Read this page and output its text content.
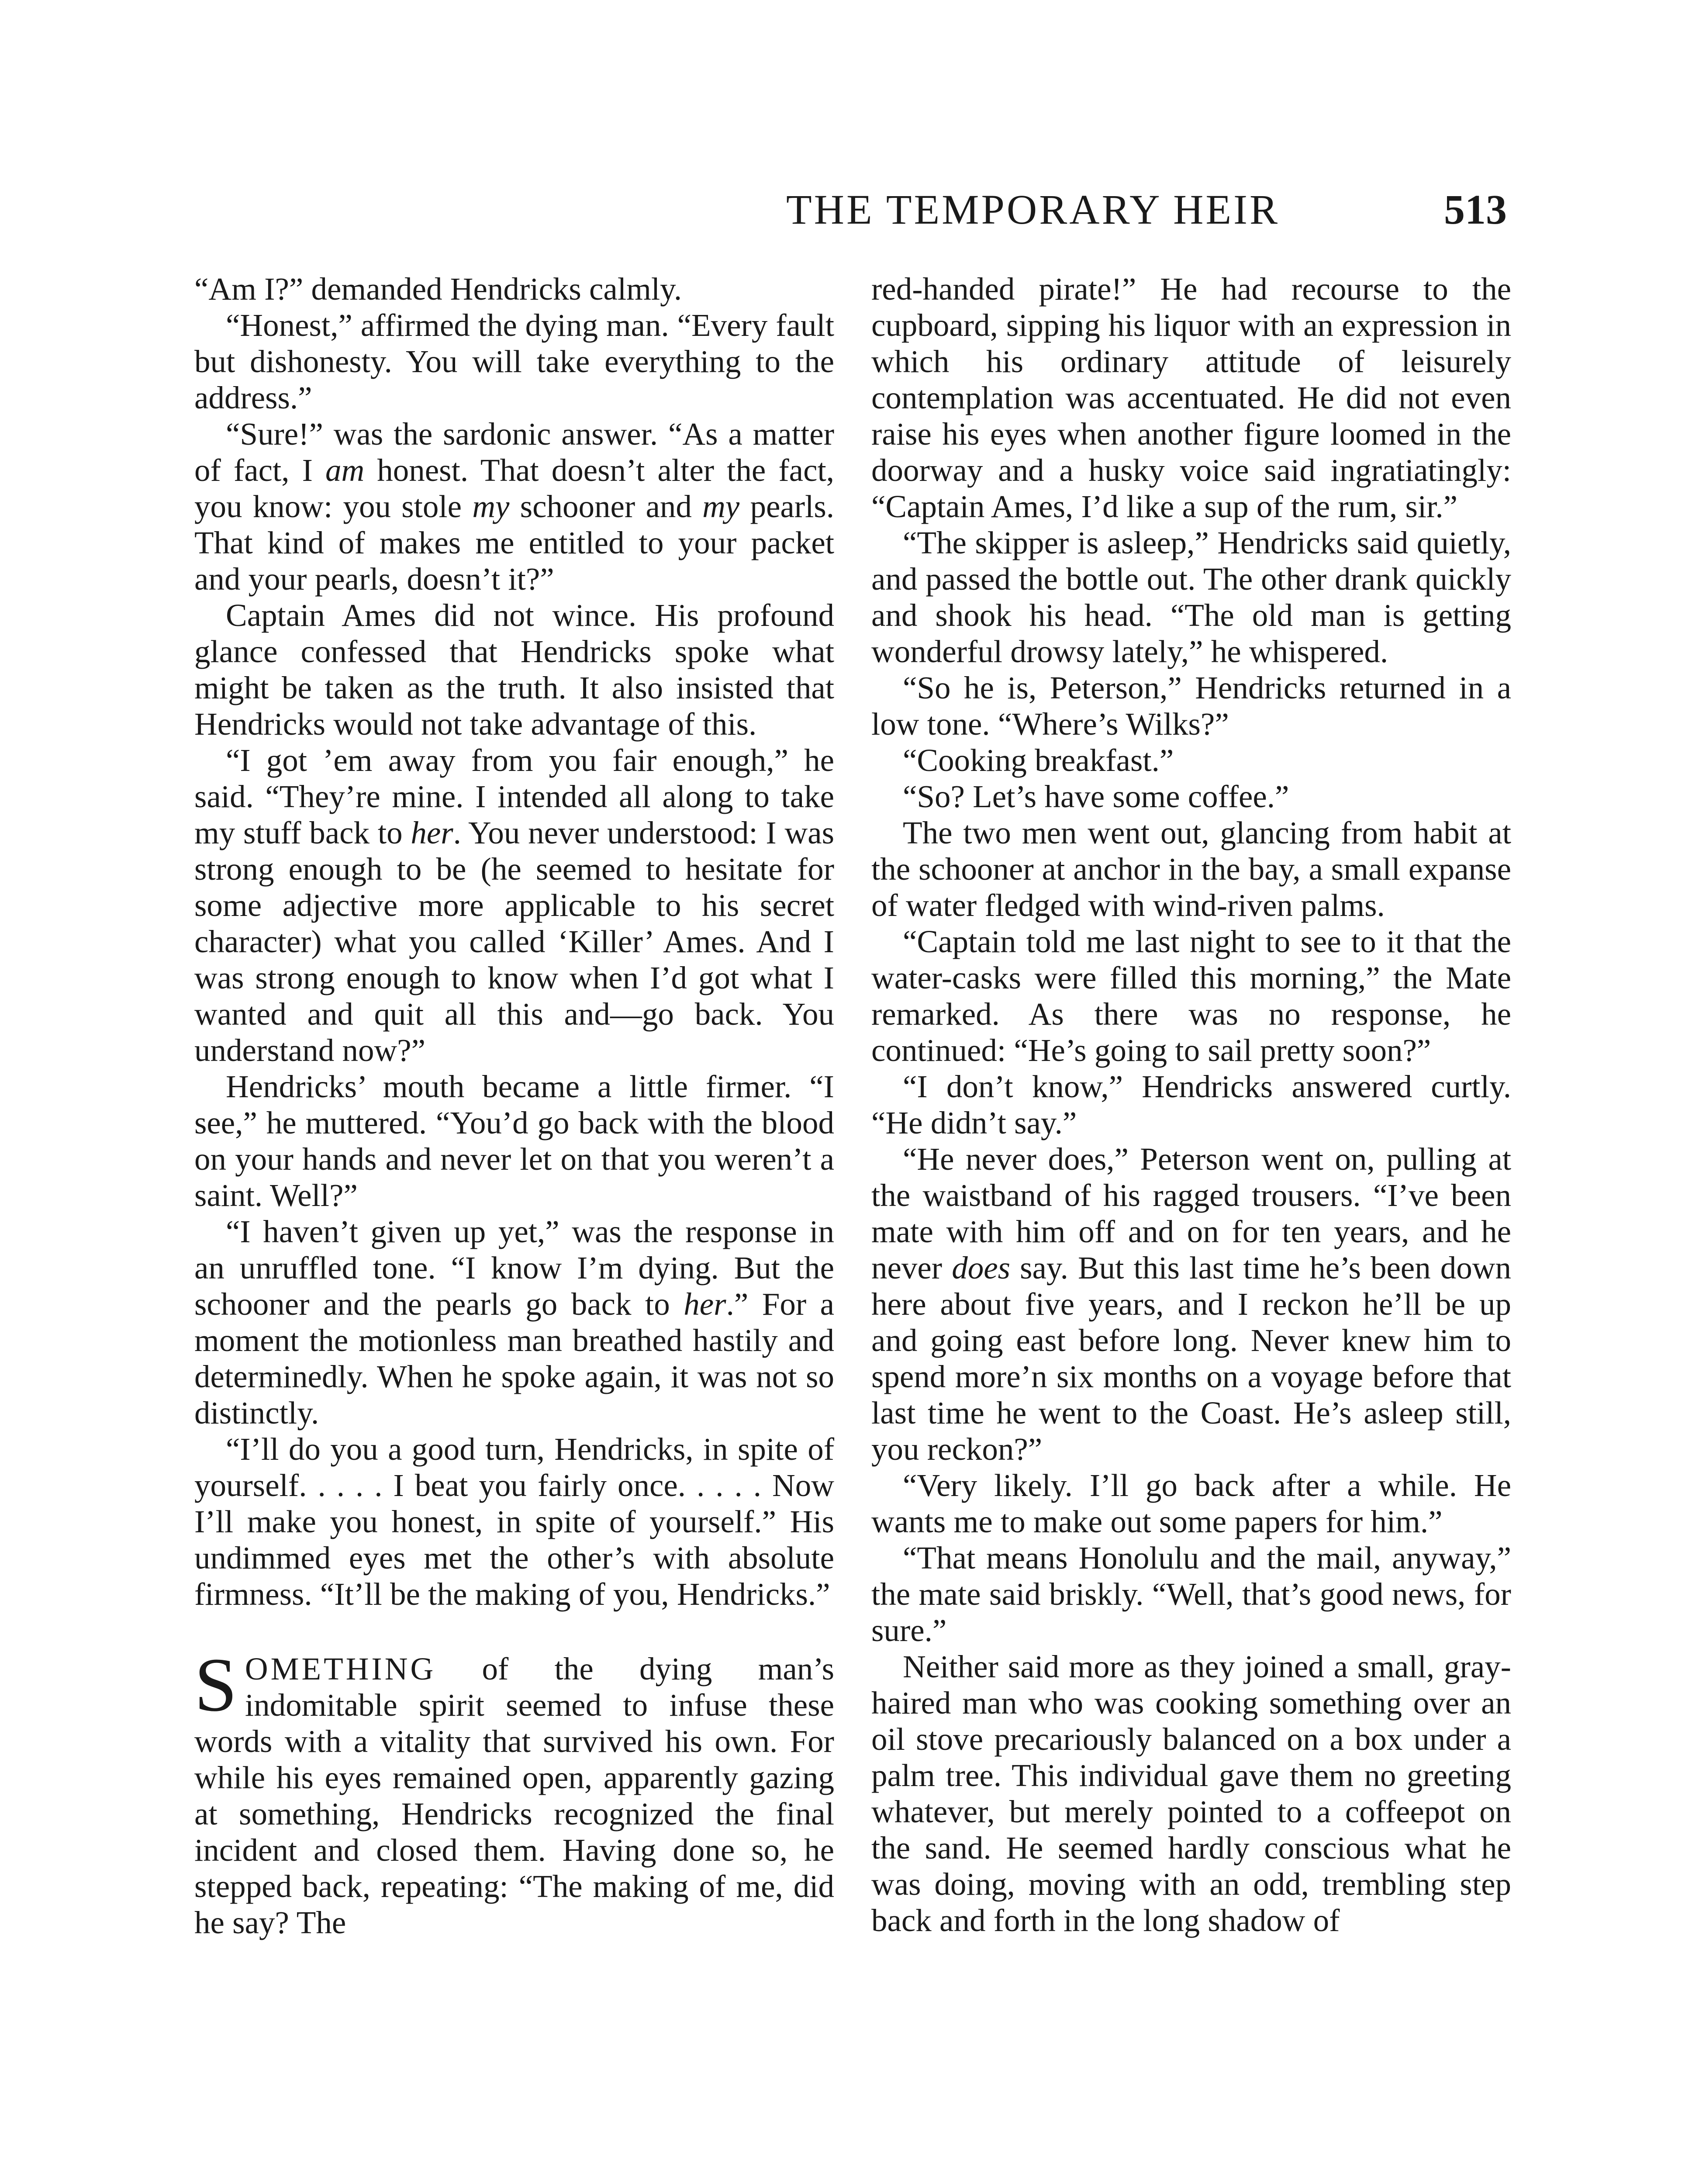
THE TEMPORARY HEIR	513

“Am I?” demanded Hendricks calmly.

“Honest,” affirmed the dying man. “Every fault but dishonesty. You will take everything to the address.”

“Sure!” was the sardonic answer. “As a matter of fact, I am honest. That doesn’t alter the fact, you know: you stole my schooner and my pearls. That kind of makes me entitled to your packet and your pearls, doesn’t it?”

Captain Ames did not wince. His profound glance confessed that Hendricks spoke what might be taken as the truth. It also insisted that Hendricks would not take advantage of this.

“I got ’em away from you fair enough,” he said. “They’re mine. I intended all along to take my stuff back to her. You never understood: I was strong enough to be (he seemed to hesitate for some adjective more applicable to his secret character) what you called ‘Killer’ Ames. And I was strong enough to know when I’d got what I wanted and quit all this and—go back. You understand now?”

Hendricks’ mouth became a little firmer. “I see,” he muttered. “You’d go back with the blood on your hands and never let on that you weren’t a saint. Well?”

“I haven’t given up yet,” was the response in an unruffled tone. “I know I’m dying. But the schooner and the pearls go back to her.” For a moment the motionless man breathed hastily and determinedly. When he spoke again, it was not so distinctly.

“I’ll do you a good turn, Hendricks, in spite of yourself. . . . . I beat you fairly once. . . . . Now I’ll make you honest, in spite of yourself.” His undimmed eyes met the other’s with absolute firmness. “It’ll be the making of you, Hendricks.”

SOMETHING of the dying man’s indomitable spirit seemed to infuse these words with a vitality that survived his own. For while his eyes remained open, apparently gazing at something, Hendricks recognized the final incident and closed them. Having done so, he stepped back, repeating: “The making of me, did he say? The

red-handed pirate!” He had recourse to the cupboard, sipping his liquor with an expression in which his ordinary attitude of leisurely contemplation was accentuated. He did not even raise his eyes when another figure loomed in the doorway and a husky voice said ingratiatingly: “Captain Ames, I’d like a sup of the rum, sir.”

“The skipper is asleep,” Hendricks said quietly, and passed the bottle out. The other drank quickly and shook his head. “The old man is getting wonderful drowsy lately,” he whispered.

“So he is, Peterson,” Hendricks returned in a low tone. “Where’s Wilks?”

“Cooking breakfast.”

“So? Let’s have some coffee.”

The two men went out, glancing from habit at the schooner at anchor in the bay, a small expanse of water fledged with wind-riven palms.

“Captain told me last night to see to it that the water-casks were filled this morning,” the Mate remarked. As there was no response, he continued: “He’s going to sail pretty soon?”

“I don’t know,” Hendricks answered curtly. “He didn’t say.”

“He never does,” Peterson went on, pulling at the waistband of his ragged trousers. “I’ve been mate with him off and on for ten years, and he never does say. But this last time he’s been down here about five years, and I reckon he’ll be up and going east before long. Never knew him to spend more’n six months on a voyage before that last time he went to the Coast. He’s asleep still, you reckon?”

“Very likely. I’ll go back after a while. He wants me to make out some papers for him.”

“That means Honolulu and the mail, anyway,” the mate said briskly. “Well, that’s good news, for sure.”

Neither said more as they joined a small, gray-haired man who was cooking something over an oil stove precariously balanced on a box under a palm tree. This individual gave them no greeting whatever, but merely pointed to a coffeepot on the sand. He seemed hardly conscious what he was doing, moving with an odd, trembling step back and forth in the long shadow of
